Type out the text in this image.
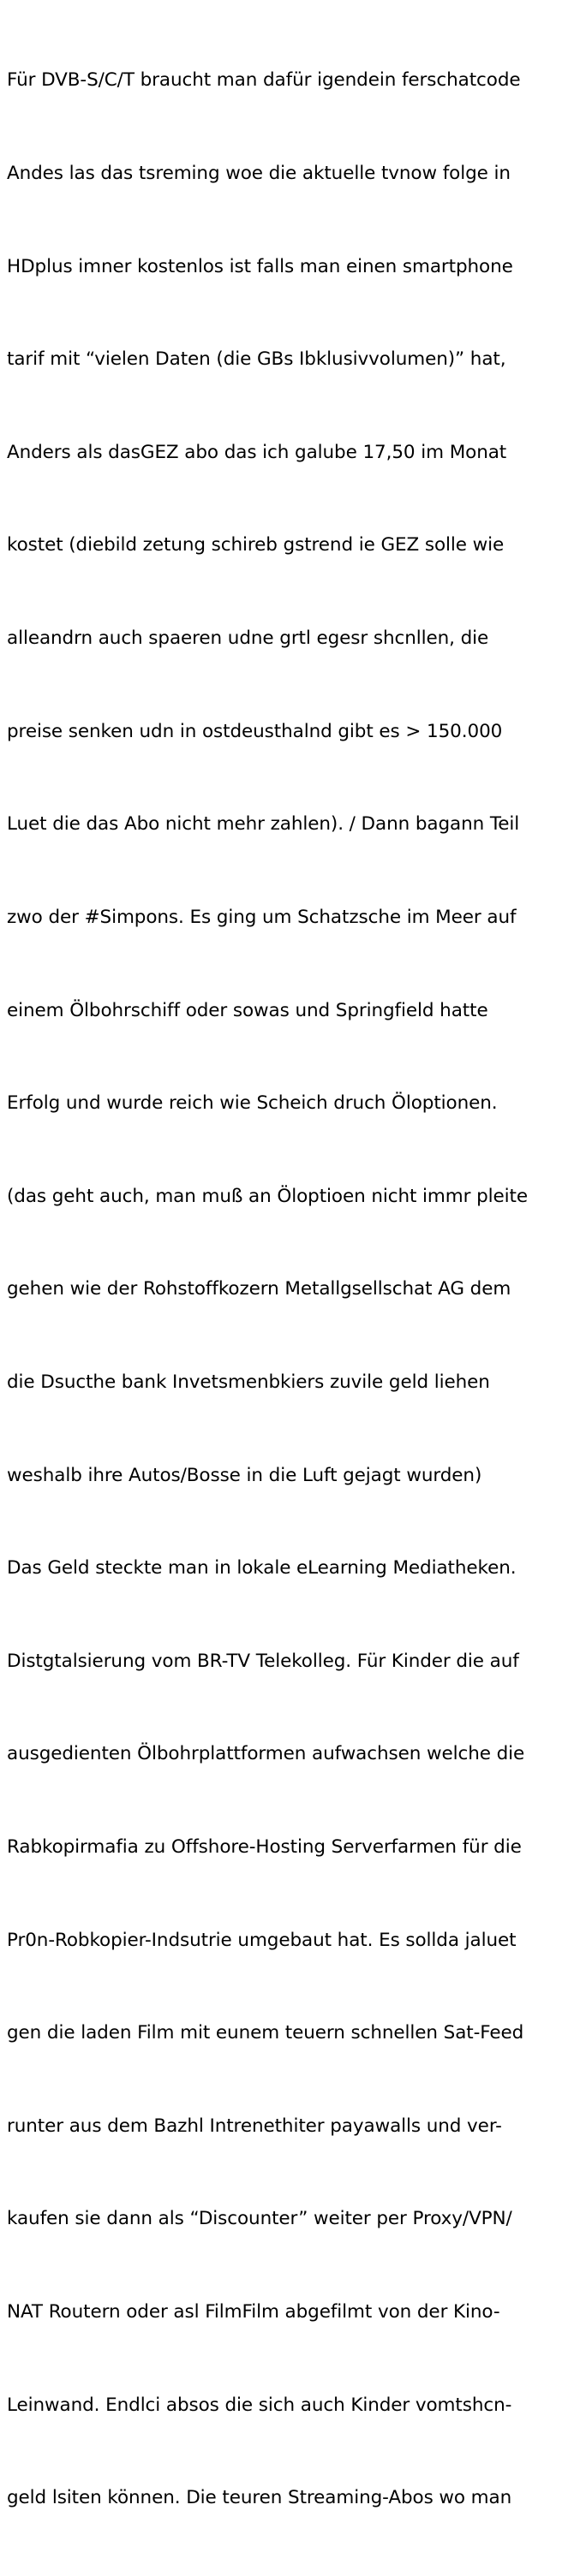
Für DVB-S/C/T braucht man dafür igendein ferschatcode

Andes las das tsreming woe die aktuelle tvnow folge in

HDplus imner kostenlos ist falls man einen smartphone

tarif mit “vielen Daten (die GBs Ibklusivvolumen)” hat,

Anders als dasGEZ abo das ich galube 17,50 im Monat

kostet (diebild zetung schireb gstrend ie GEZ solle wie

alleandrn auch spaeren udne grtl egesr shcnllen, die

preise senken udn in ostdeusthalnd gibt es > 150.000

Luet die das Abo nicht mehr zahlen). / Dann bagann Teil

zwo der #Simpons. Es ging um Schatzsche im Meer auf

einem Ölbohrschiff oder sowas und Springfield hatte

Erfolg und wurde reich wie Scheich druch Öloptionen.

(das geht auch, man muß an Öloptioen nicht immr pleite

gehen wie der Rohstoffkozern Metallgsellschat AG dem

die Dsucthe bank Invetsmenbkiers zuvile geld liehen

weshalb ihre Autos/Bosse in die Luft gejagt wurden)

Das Geld steckte man in lokale eLearning Mediatheken.

Distgtalsierung vom BR-TV Telekolleg. Für Kinder die auf

ausgedienten Ölbohrplattformen aufwachsen welche die

Rabkopirmafia zu Offshore-Hosting Serverfarmen für die

Pr0n-Robkopier-Indsutrie umgebaut hat. Es sollda jaluet

gen die laden Film mit eunem teuern schnellen Sat-Feed

runter aus dem Bazhl Intrenethiter payawalls und ver-

kaufen sie dann als “Discounter” weiter per Proxy/VPN/

NAT Routern oder asl FilmFilm abgefilmt von der Kino-

Leinwand. Endlci absos die sich auch Kinder vomtshcn-

geld lsiten können. Die teuren Streaming-Abos wo man
